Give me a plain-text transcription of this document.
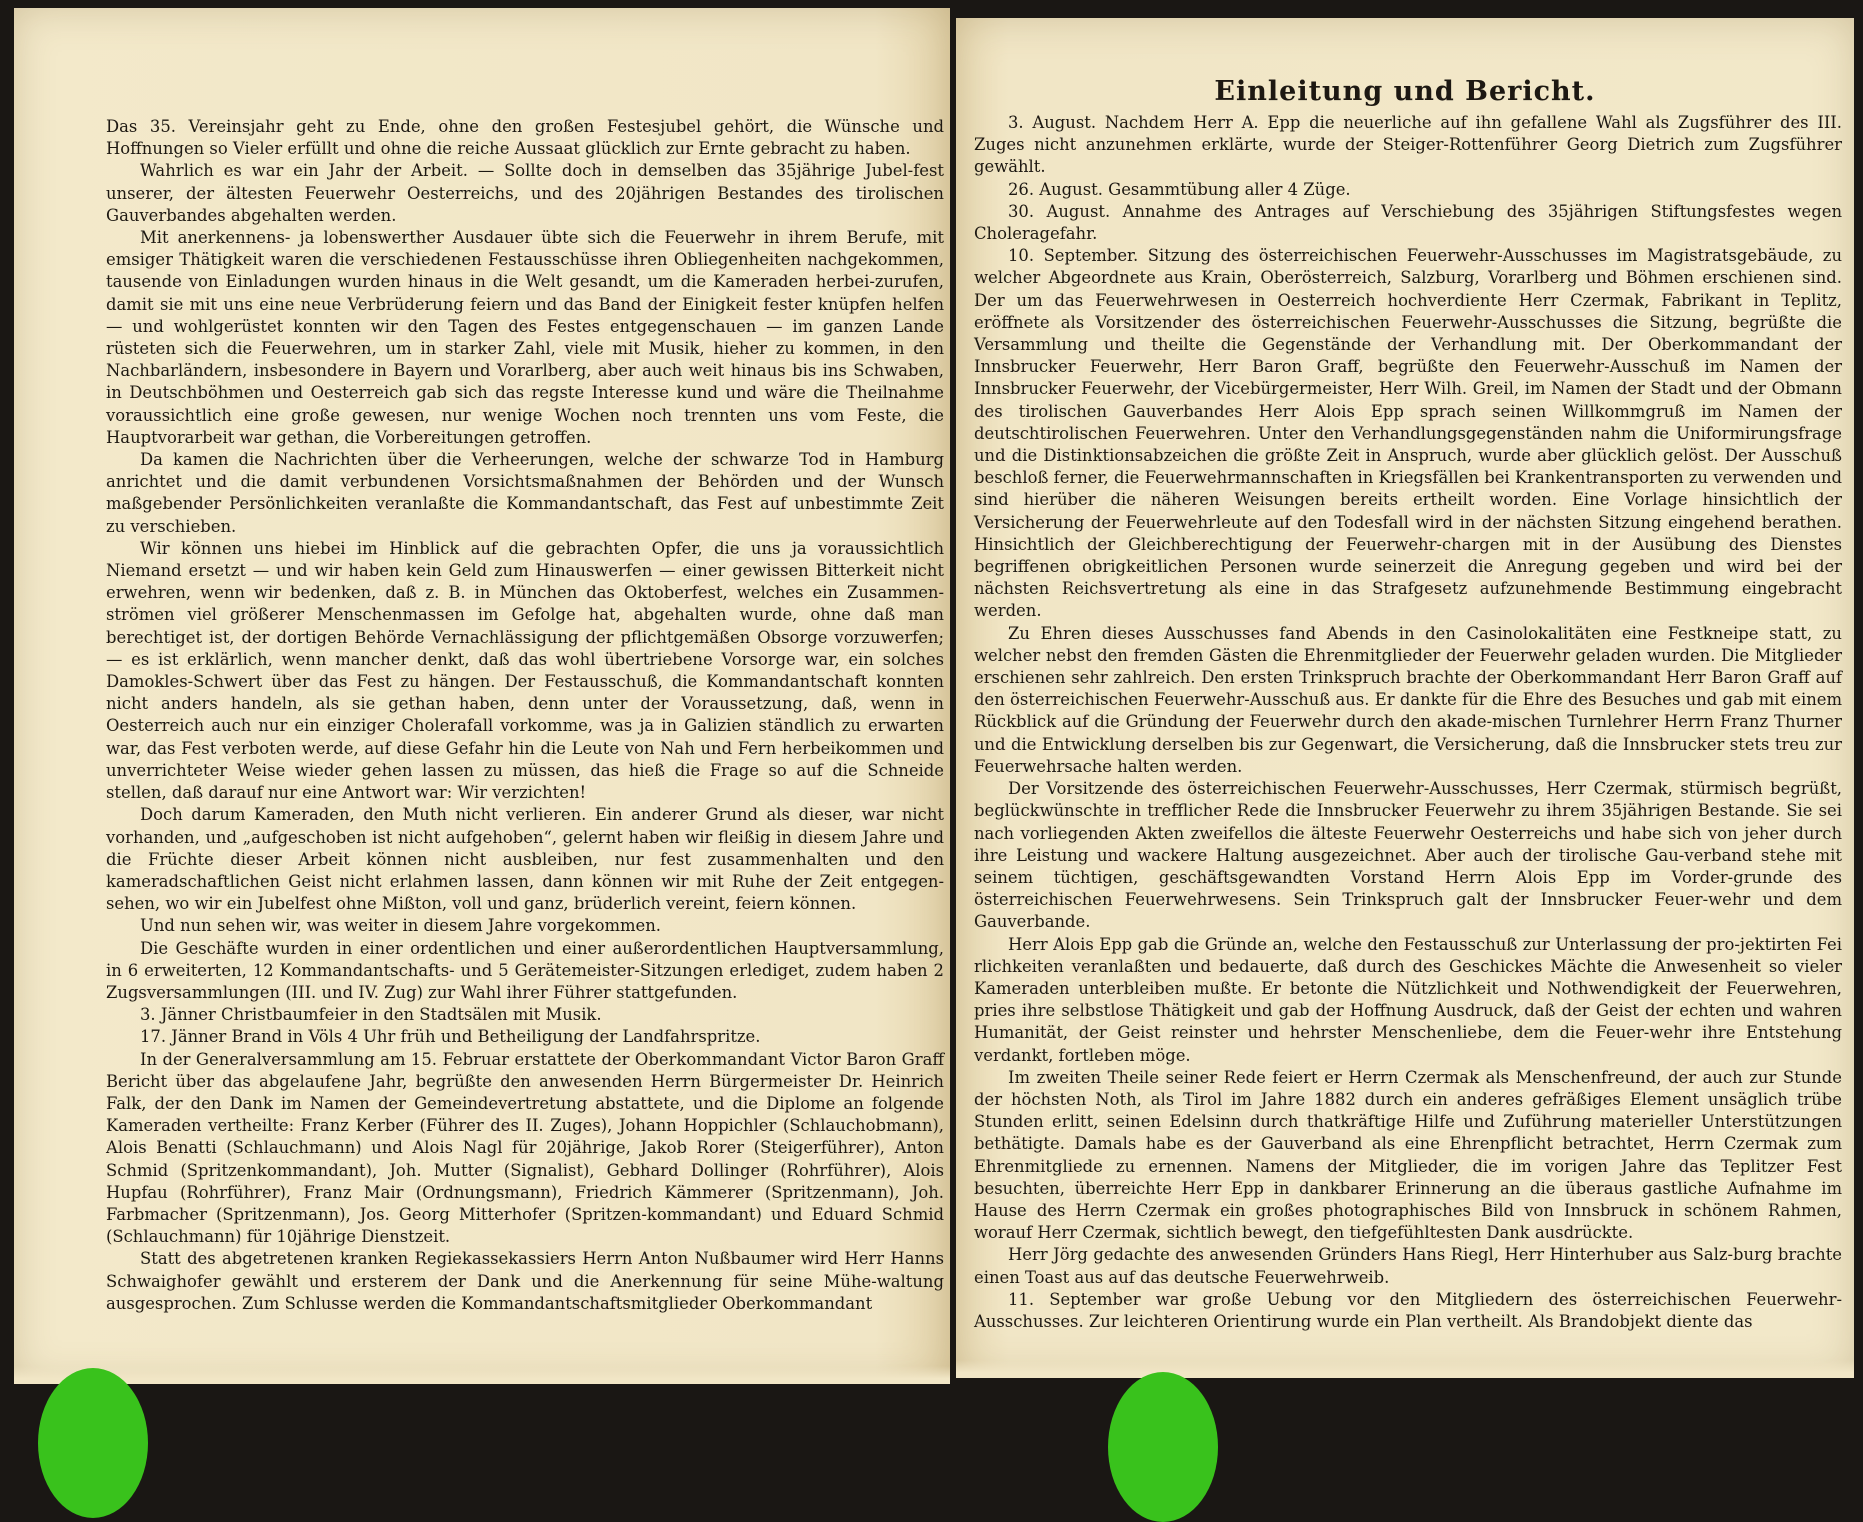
Das 35. Vereinsjahr geht zu Ende, ohne den großen Festesjubel gehört, die Wünsche und Hoffnungen so Vieler erfüllt und ohne die reiche Aussaat glücklich zur Ernte gebracht zu haben.

Wahrlich es war ein Jahr der Arbeit. — Sollte doch in demselben das 35jährige Jubel-fest unserer, der ältesten Feuerwehr Oesterreichs, und des 20jährigen Bestandes des tirolischen Gauverbandes abgehalten werden.

Mit anerkennens- ja lobenswerther Ausdauer übte sich die Feuerwehr in ihrem Berufe, mit emsiger Thätigkeit waren die verschiedenen Festausschüsse ihren Obliegenheiten nachgekommen, tausende von Einladungen wurden hinaus in die Welt gesandt, um die Kameraden herbei-zurufen, damit sie mit uns eine neue Verbrüderung feiern und das Band der Einigkeit fester knüpfen helfen — und wohlgerüstet konnten wir den Tagen des Festes entgegenschauen — im ganzen Lande rüsteten sich die Feuerwehren, um in starker Zahl, viele mit Musik, hieher zu kommen, in den Nachbarländern, insbesondere in Bayern und Vorarlberg, aber auch weit hinaus bis ins Schwaben, in Deutschböhmen und Oesterreich gab sich das regste Interesse kund und wäre die Theilnahme voraussichtlich eine große gewesen, nur wenige Wochen noch trennten uns vom Feste, die Hauptvorarbeit war gethan, die Vorbereitungen getroffen.

Da kamen die Nachrichten über die Verheerungen, welche der schwarze Tod in Hamburg anrichtet und die damit verbundenen Vorsichtsmaßnahmen der Behörden und der Wunsch maßgebender Persönlichkeiten veranlaßte die Kommandantschaft, das Fest auf unbestimmte Zeit zu verschieben.

Wir können uns hiebei im Hinblick auf die gebrachten Opfer, die uns ja voraussichtlich Niemand ersetzt — und wir haben kein Geld zum Hinauswerfen — einer gewissen Bitterkeit nicht erwehren, wenn wir bedenken, daß z. B. in München das Oktoberfest, welches ein Zusammen-strömen viel größerer Menschenmassen im Gefolge hat, abgehalten wurde, ohne daß man berechtiget ist, der dortigen Behörde Vernachlässigung der pflichtgemäßen Obsorge vorzuwerfen; — es ist erklärlich, wenn mancher denkt, daß das wohl übertriebene Vorsorge war, ein solches Damokles-Schwert über das Fest zu hängen. Der Festausschuß, die Kommandantschaft konnten nicht anders handeln, als sie gethan haben, denn unter der Voraussetzung, daß, wenn in Oesterreich auch nur ein einziger Cholerafall vorkomme, was ja in Galizien ständlich zu erwarten war, das Fest verboten werde, auf diese Gefahr hin die Leute von Nah und Fern herbeikommen und unverrichteter Weise wieder gehen lassen zu müssen, das hieß die Frage so auf die Schneide stellen, daß darauf nur eine Antwort war: Wir verzichten!

Doch darum Kameraden, den Muth nicht verlieren. Ein anderer Grund als dieser, war nicht vorhanden, und „aufgeschoben ist nicht aufgehoben“, gelernt haben wir fleißig in diesem Jahre und die Früchte dieser Arbeit können nicht ausbleiben, nur fest zusammenhalten und den kameradschaftlichen Geist nicht erlahmen lassen, dann können wir mit Ruhe der Zeit entgegen-sehen, wo wir ein Jubelfest ohne Mißton, voll und ganz, brüderlich vereint, feiern können.

Und nun sehen wir, was weiter in diesem Jahre vorgekommen.

Die Geschäfte wurden in einer ordentlichen und einer außerordentlichen Hauptversammlung, in 6 erweiterten, 12 Kommandantschafts- und 5 Gerätemeister-Sitzungen erlediget, zudem haben 2 Zugsversammlungen (III. und IV. Zug) zur Wahl ihrer Führer stattgefunden.

3. Jänner Christbaumfeier in den Stadtsälen mit Musik.

17. Jänner Brand in Völs 4 Uhr früh und Betheiligung der Landfahrspritze.

In der Generalversammlung am 15. Februar erstattete der Oberkommandant Victor Baron Graff Bericht über das abgelaufene Jahr, begrüßte den anwesenden Herrn Bürgermeister Dr. Heinrich Falk, der den Dank im Namen der Gemeindevertretung abstattete, und die Diplome an folgende Kameraden vertheilte: Franz Kerber (Führer des II. Zuges), Johann Hoppichler (Schlauchobmann), Alois Benatti (Schlauchmann) und Alois Nagl für 20jährige, Jakob Rorer (Steigerführer), Anton Schmid (Spritzenkommandant), Joh. Mutter (Signalist), Gebhard Dollinger (Rohrführer), Alois Hupfau (Rohrführer), Franz Mair (Ordnungsmann), Friedrich Kämmerer (Spritzenmann), Joh. Farbmacher (Spritzenmann), Jos. Georg Mitterhofer (Spritzen-kommandant) und Eduard Schmid (Schlauchmann) für 10jährige Dienstzeit.

Statt des abgetretenen kranken Regiekassekassiers Herrn Anton Nußbaumer wird Herr Hanns Schwaighofer gewählt und ersterem der Dank und die Anerkennung für seine Mühe-waltung ausgesprochen. Zum Schlusse werden die Kommandantschaftsmitglieder Oberkommandant

Einleitung und Bericht.

3. August. Nachdem Herr A. Epp die neuerliche auf ihn gefallene Wahl als Zugsführer des III. Zuges nicht anzunehmen erklärte, wurde der Steiger-Rottenführer Georg Dietrich zum Zugsführer gewählt.

26. August. Gesammtübung aller 4 Züge.

30. August. Annahme des Antrages auf Verschiebung des 35jährigen Stiftungsfestes wegen Choleragefahr.

10. September. Sitzung des österreichischen Feuerwehr-Ausschusses im Magistratsgebäude, zu welcher Abgeordnete aus Krain, Oberösterreich, Salzburg, Vorarlberg und Böhmen erschienen sind. Der um das Feuerwehrwesen in Oesterreich hochverdiente Herr Czermak, Fabrikant in Teplitz, eröffnete als Vorsitzender des österreichischen Feuerwehr-Ausschusses die Sitzung, begrüßte die Versammlung und theilte die Gegenstände der Verhandlung mit. Der Oberkommandant der Innsbrucker Feuerwehr, Herr Baron Graff, begrüßte den Feuerwehr-Ausschuß im Namen der Innsbrucker Feuerwehr, der Vicebürgermeister, Herr Wilh. Greil, im Namen der Stadt und der Obmann des tirolischen Gauverbandes Herr Alois Epp sprach seinen Willkommgruß im Namen der deutschtirolischen Feuerwehren. Unter den Verhandlungsgegenständen nahm die Uniformirungsfrage und die Distinktionsabzeichen die größte Zeit in Anspruch, wurde aber glücklich gelöst. Der Ausschuß beschloß ferner, die Feuerwehrmannschaften in Kriegsfällen bei Krankentransporten zu verwenden und sind hierüber die näheren Weisungen bereits ertheilt worden. Eine Vorlage hinsichtlich der Versicherung der Feuerwehrleute auf den Todesfall wird in der nächsten Sitzung eingehend berathen. Hinsichtlich der Gleichberechtigung der Feuerwehr-chargen mit in der Ausübung des Dienstes begriffenen obrigkeitlichen Personen wurde seinerzeit die Anregung gegeben und wird bei der nächsten Reichsvertretung als eine in das Strafgesetz aufzunehmende Bestimmung eingebracht werden.

Zu Ehren dieses Ausschusses fand Abends in den Casinolokalitäten eine Festkneipe statt, zu welcher nebst den fremden Gästen die Ehrenmitglieder der Feuerwehr geladen wurden. Die Mitglieder erschienen sehr zahlreich. Den ersten Trinkspruch brachte der Oberkommandant Herr Baron Graff auf den österreichischen Feuerwehr-Ausschuß aus. Er dankte für die Ehre des Besuches und gab mit einem Rückblick auf die Gründung der Feuerwehr durch den akade-mischen Turnlehrer Herrn Franz Thurner und die Entwicklung derselben bis zur Gegenwart, die Versicherung, daß die Innsbrucker stets treu zur Feuerwehrsache halten werden.

Der Vorsitzende des österreichischen Feuerwehr-Ausschusses, Herr Czermak, stürmisch begrüßt, beglückwünschte in trefflicher Rede die Innsbrucker Feuerwehr zu ihrem 35jährigen Bestande. Sie sei nach vorliegenden Akten zweifellos die älteste Feuerwehr Oesterreichs und habe sich von jeher durch ihre Leistung und wackere Haltung ausgezeichnet. Aber auch der tirolische Gau-verband stehe mit seinem tüchtigen, geschäftsgewandten Vorstand Herrn Alois Epp im Vorder-grunde des österreichischen Feuerwehrwesens. Sein Trinkspruch galt der Innsbrucker Feuer-wehr und dem Gauverbande.

Herr Alois Epp gab die Gründe an, welche den Festausschuß zur Unterlassung der pro-jektirten Fei rlichkeiten veranlaßten und bedauerte, daß durch des Geschickes Mächte die Anwesenheit so vieler Kameraden unterbleiben mußte. Er betonte die Nützlichkeit und Nothwendigkeit der Feuerwehren, pries ihre selbstlose Thätigkeit und gab der Hoffnung Ausdruck, daß der Geist der echten und wahren Humanität, der Geist reinster und hehrster Menschenliebe, dem die Feuer-wehr ihre Entstehung verdankt, fortleben möge.

Im zweiten Theile seiner Rede feiert er Herrn Czermak als Menschenfreund, der auch zur Stunde der höchsten Noth, als Tirol im Jahre 1882 durch ein anderes gefräßiges Element unsäglich trübe Stunden erlitt, seinen Edelsinn durch thatkräftige Hilfe und Zuführung materieller Unterstützungen bethätigte. Damals habe es der Gauverband als eine Ehrenpflicht betrachtet, Herrn Czermak zum Ehrenmitgliede zu ernennen. Namens der Mitglieder, die im vorigen Jahre das Teplitzer Fest besuchten, überreichte Herr Epp in dankbarer Erinnerung an die überaus gastliche Aufnahme im Hause des Herrn Czermak ein großes photographisches Bild von Innsbruck in schönem Rahmen, worauf Herr Czermak, sichtlich bewegt, den tiefgefühltesten Dank ausdrückte.

Herr Jörg gedachte des anwesenden Gründers Hans Riegl, Herr Hinterhuber aus Salz-burg brachte einen Toast aus auf das deutsche Feuerwehrweib.

11. September war große Uebung vor den Mitgliedern des österreichischen Feuerwehr-Ausschusses. Zur leichteren Orientirung wurde ein Plan vertheilt. Als Brandobjekt diente das
